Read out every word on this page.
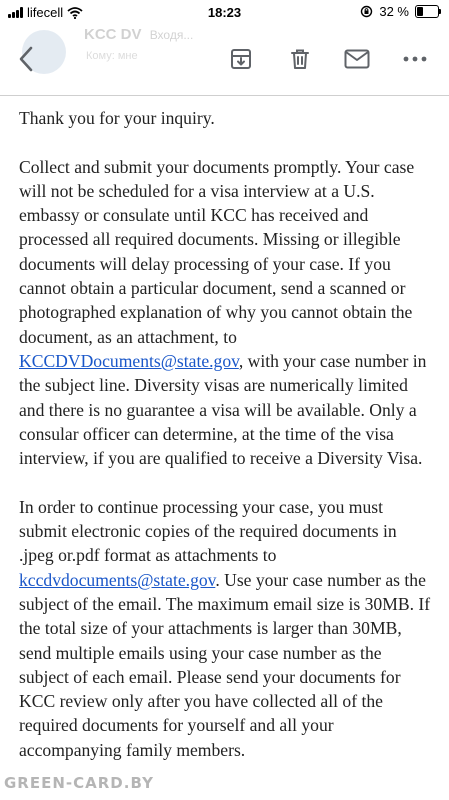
lifecell	18:23	32 %
KCC DV Входя...
Кому: мне

Thank you for your inquiry.

Collect and submit your documents promptly. Your case will not be scheduled for a visa interview at a U.S. embassy or consulate until KCC has received and processed all required documents. Missing or illegible documents will delay processing of your case. If you cannot obtain a particular document, send a scanned or photographed explanation of why you cannot obtain the document, as an attachment, to KCCDVDocuments@state.gov, with your case number in the subject line. Diversity visas are numerically limited and there is no guarantee a visa will be available. Only a consular officer can determine, at the time of the visa interview, if you are qualified to receive a Diversity Visa.

In order to continue processing your case, you must submit electronic copies of the required documents in .jpeg or.pdf format as attachments to kccdvdocuments@state.gov. Use your case number as the subject of the email. The maximum email size is 30MB. If the total size of your attachments is larger than 30MB, send multiple emails using your case number as the subject of each email. Please send your documents for KCC review only after you have collected all of the required documents for yourself and all your accompanying family members.

GREEN-CARD.BY
